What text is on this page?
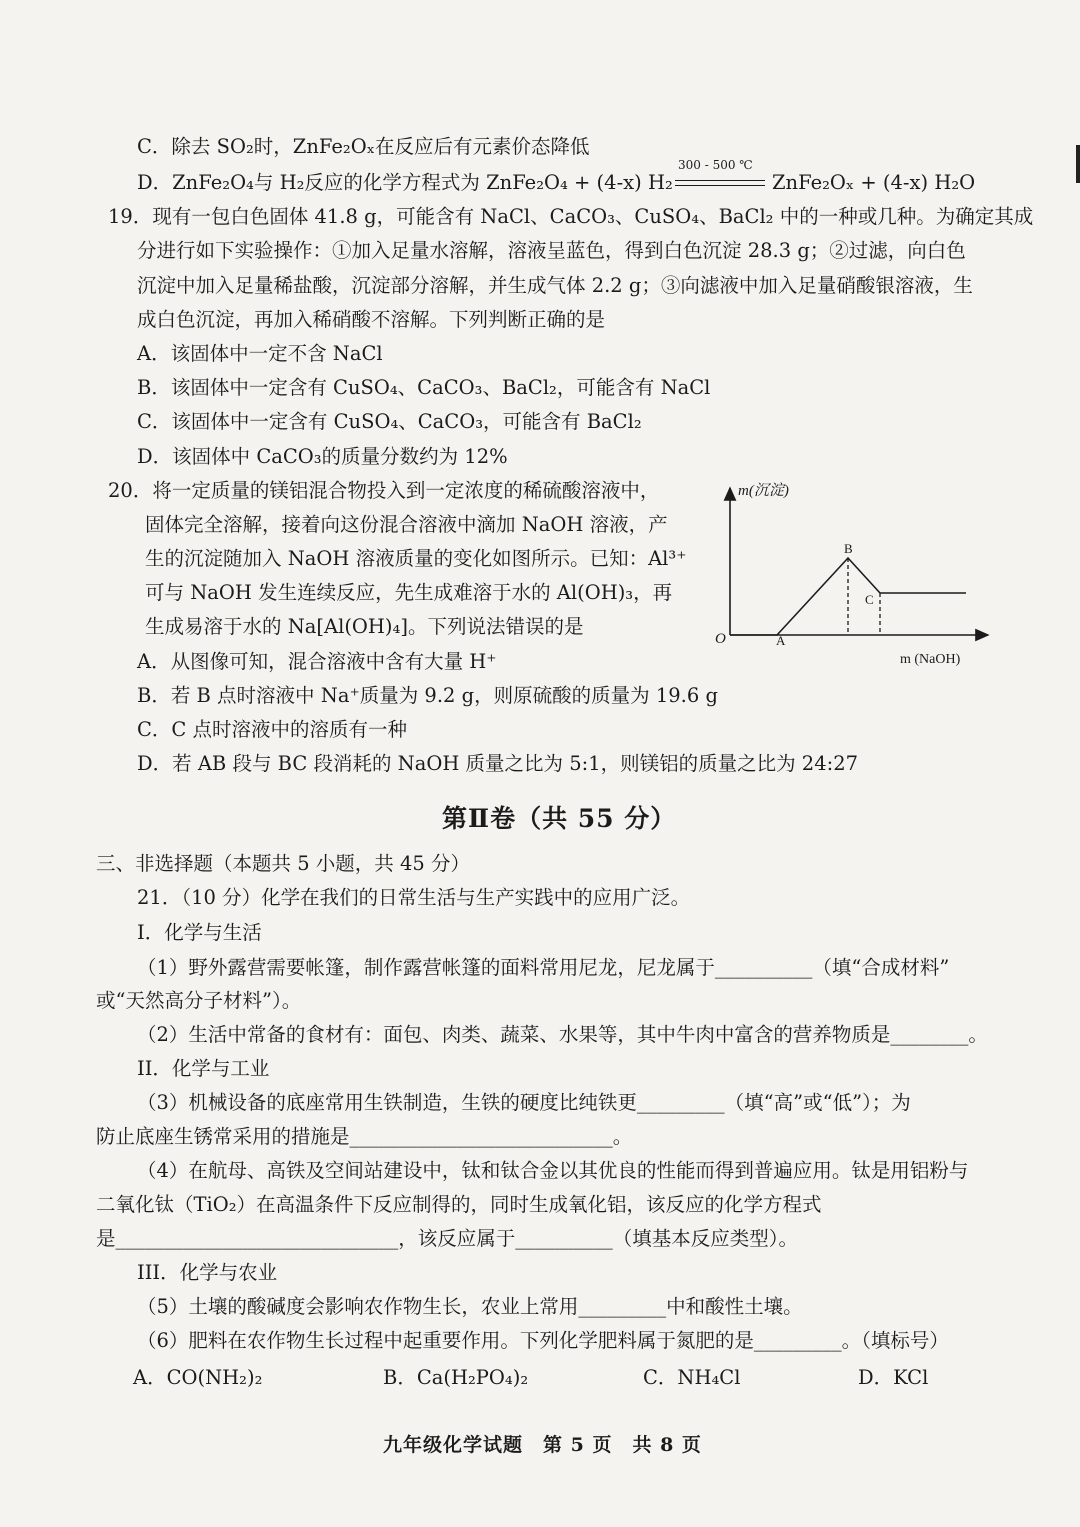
C．除去 SO₂时，ZnFe₂Oₓ在反应后有元素价态降低
D．ZnFe₂O₄与 H₂反应的化学方程式为 ZnFe₂O₄ + (4-x) H₂
300 - 500 ℃
ZnFe₂Oₓ + (4-x) H₂O
19．现有一包白色固体 41.8 g，可能含有 NaCl、CaCO₃、CuSO₄、BaCl₂ 中的一种或几种。为确定其成
分进行如下实验操作：①加入足量水溶解，溶液呈蓝色，得到白色沉淀 28.3 g；②过滤，向白色
沉淀中加入足量稀盐酸，沉淀部分溶解，并生成气体 2.2 g；③向滤液中加入足量硝酸银溶液，生
成白色沉淀，再加入稀硝酸不溶解。下列判断正确的是
A．该固体中一定不含 NaCl
B．该固体中一定含有 CuSO₄、CaCO₃、BaCl₂，可能含有 NaCl
C．该固体中一定含有 CuSO₄、CaCO₃，可能含有 BaCl₂
D．该固体中 CaCO₃的质量分数约为 12%
20．将一定质量的镁铝混合物投入到一定浓度的稀硫酸溶液中，
固体完全溶解，接着向这份混合溶液中滴加 NaOH 溶液，产
生的沉淀随加入 NaOH 溶液质量的变化如图所示。已知：Al³⁺
可与 NaOH 发生连续反应，先生成难溶于水的 Al(OH)₃，再
生成易溶于水的 Na[Al(OH)₄]。下列说法错误的是
A．从图像可知，混合溶液中含有大量 H⁺
B．若 B 点时溶液中 Na⁺质量为 9.2 g，则原硫酸的质量为 19.6 g
C．C 点时溶液中的溶质有一种
D．若 AB 段与 BC 段消耗的 NaOH 质量之比为 5:1，则镁铝的质量之比为 24:27
m(沉淀)
m (NaOH)
O	A
B
C
第Ⅱ卷（共 55 分）
三、非选择题（本题共 5 小题，共 45 分）
21．（10 分）化学在我们的日常生活与生产实践中的应用广泛。
I．化学与生活
（1）野外露营需要帐篷，制作露营帐篷的面料常用尼龙，尼龙属于__________（填“合成材料”
或“天然高分子材料”）。
（2）生活中常备的食材有：面包、肉类、蔬菜、水果等，其中牛肉中富含的营养物质是________。
II．化学与工业
（3）机械设备的底座常用生铁制造，生铁的硬度比纯铁更_________（填“高”或“低”）；为
防止底座生锈常采用的措施是___________________________。
（4）在航母、高铁及空间站建设中，钛和钛合金以其优良的性能而得到普遍应用。钛是用铝粉与
二氧化钛（TiO₂）在高温条件下反应制得的，同时生成氧化铝，该反应的化学方程式
是_____________________________，该反应属于__________（填基本反应类型）。
III．化学与农业
（5）土壤的酸碱度会影响农作物生长，农业上常用_________中和酸性土壤。
（6）肥料在农作物生长过程中起重要作用。下列化学肥料属于氮肥的是_________。（填标号）
A．CO(NH₂)₂	B．Ca(H₂PO₄)₂	C．NH₄Cl	D．KCl
九年级化学试题　第 5 页　共 8 页
